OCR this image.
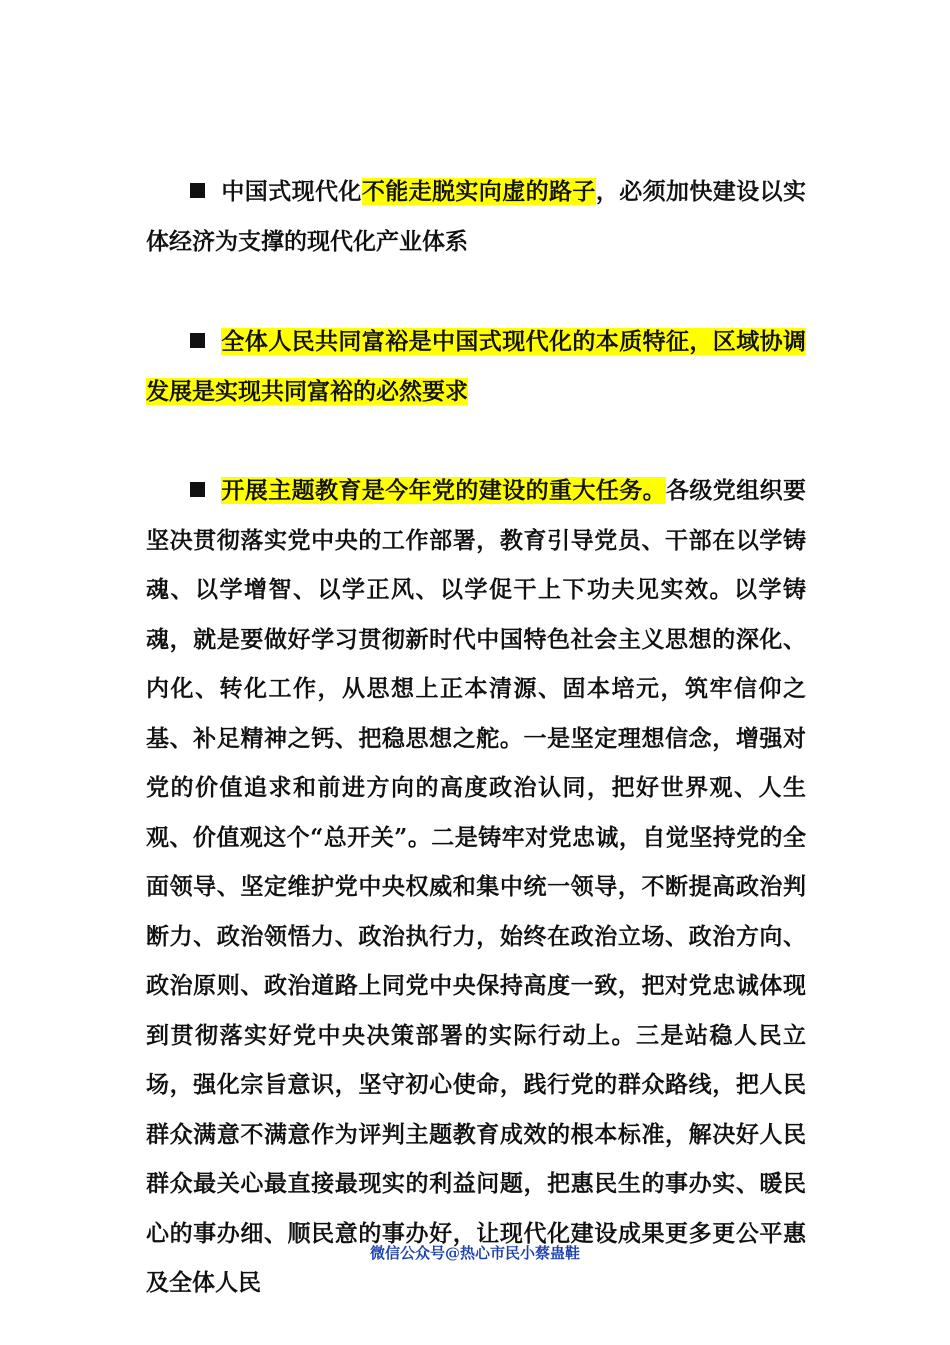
中国式现代化不能走脱实向虚的路子，必须加快建设以实体经济为支撑的现代化产业体系

全体人民共同富裕是中国式现代化的本质特征，区域协调发展是实现共同富裕的必然要求

开展主题教育是今年党的建设的重大任务。各级党组织要坚决贯彻落实党中央的工作部署，教育引导党员、干部在以学铸魂、以学增智、以学正风、以学促干上下功夫见实效。以学铸魂，就是要做好学习贯彻新时代中国特色社会主义思想的深化、内化、转化工作，从思想上正本清源、固本培元，筑牢信仰之基、补足精神之钙、把稳思想之舵。一是坚定理想信念，增强对党的价值追求和前进方向的高度政治认同，把好世界观、人生观、价值观这个“总开关”。二是铸牢对党忠诚，自觉坚持党的全面领导、坚定维护党中央权威和集中统一领导，不断提高政治判断力、政治领悟力、政治执行力，始终在政治立场、政治方向、政治原则、政治道路上同党中央保持高度一致，把对党忠诚体现到贯彻落实好党中央决策部署的实际行动上。三是站稳人民立场，强化宗旨意识，坚守初心使命，践行党的群众路线，把人民群众满意不满意作为评判主题教育成效的根本标准，解决好人民群众最关心最直接最现实的利益问题，把惠民生的事办实、暖民心的事办细、顺民意的事办好，让现代化建设成果更多更公平惠及全体人民

微信公众号@热心市民小蔡蛊鞋
